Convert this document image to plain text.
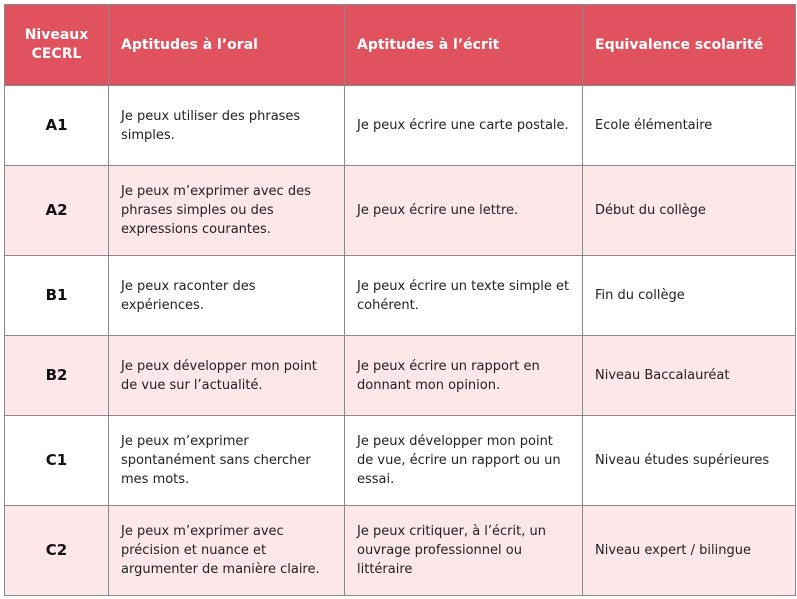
Niveaux CECRL	Aptitudes à l’oral	Aptitudes à l’écrit	Equivalence scolarité
A1	Je peux utiliser des phrases simples.	Je peux écrire une carte postale.	Ecole élémentaire
A2	Je peux m’exprimer avec des phrases simples ou des expressions courantes.	Je peux écrire une lettre.	Début du collège
B1	Je peux raconter des expériences.	Je peux écrire un texte simple et cohérent.	Fin du collège
B2	Je peux développer mon point de vue sur l’actualité.	Je peux écrire un rapport en donnant mon opinion.	Niveau Baccalauréat
C1	Je peux m’exprimer spontanément sans chercher mes mots.	Je peux développer mon point de vue, écrire un rapport ou un essai.	Niveau études supérieures
C2	Je peux m’exprimer avec précision et nuance et argumenter de manière claire.	Je peux critiquer, à l’écrit, un ouvrage professionnel ou littéraire	Niveau expert / bilingue
